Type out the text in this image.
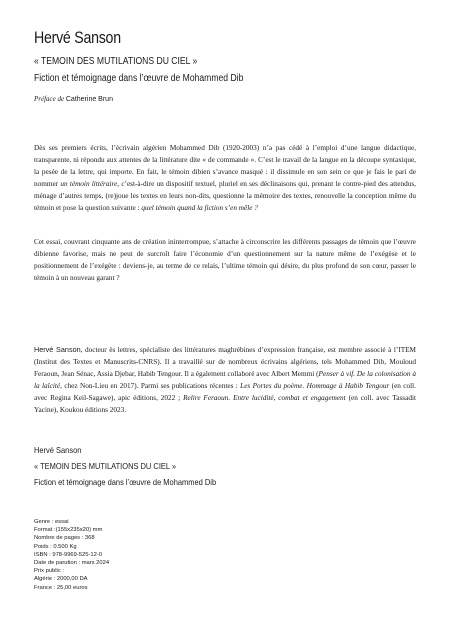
Hervé Sanson
« TEMOIN DES MUTILATIONS DU CIEL »
Fiction et témoignage dans l’œuvre de Mohammed Dib
Préface de Catherine Brun

Dès ses premiers écrits, l’écrivain algérien Mohammed Dib (1920-2003) n’a pas cédé à l’emploi d’une langue didactique, transparente, ni répondu aux attentes de la littérature dite « de commande ». C’est le travail de la langue en la découpe syntaxique, la pesée de la lettre, qui importe. En fait, le témoin dibien s’avance masqué : il dissimule en son sein ce que je fais le pari de nommer un témoin littéraire, c’est-à-dire un dispositif textuel, pluriel en ses déclinaisons qui, prenant le contre-pied des attendus, ménage d’autres temps, (re)joue les textes en leurs non-dits, questionne la mémoire des textes, renouvelle la conception même du témoin et pose la question suivante : quel témoin quand la fiction s’en mêle ?

Cet essai, couvrant cinquante ans de création ininterrompue, s’attache à circonscrire les différents passages de témoin que l’œuvre dibienne favorise, mais ne peut de surcroît faire l’économie d’un questionnement sur la nature même de l’exégèse et le positionnement de l’exégète : deviens-je, au terme de ce relais, l’ultime témoin qui désire, du plus profond de son cœur, passer le témoin à un nouveau garant ?

Hervé Sanson, docteur ès lettres, spécialiste des littératures maghrébines d’expression française, est membre associé à l’ITEM (Institut des Textes et Manuscrits-CNRS). Il a travaillé sur de nombreux écrivains algériens, tels Mohammed Dib, Mouloud Feraoun, Jean Sénac, Assia Djebar, Habib Tengour. Il a également collaboré avec Albert Memmi (Penser à vif. De la colonisation à la laïcité, chez Non-Lieu en 2017). Parmi ses publications récentes : Les Portes du poème. Hommage à Habib Tengour (en coll. avec Regina Keil-Sagawe), apic éditions, 2022 ; Relire Feraoun. Entre lucidité, combat et engagement (en coll. avec Tassadit Yacine), Koukou éditions 2023.

Hervé Sanson
« TEMOIN DES MUTILATIONS DU CIEL »
Fiction et témoignage dans l’œuvre de Mohammed Dib
Genre : essai
Format :(155x235x20) mm
Nombre de pages : 368
Poids : 0.500 Kg
ISBN : 978-9969-525-12-0
Date de parution : mars 2024
Prix public :
Algérie : 2000,00 DA
France : 25,00 euros
